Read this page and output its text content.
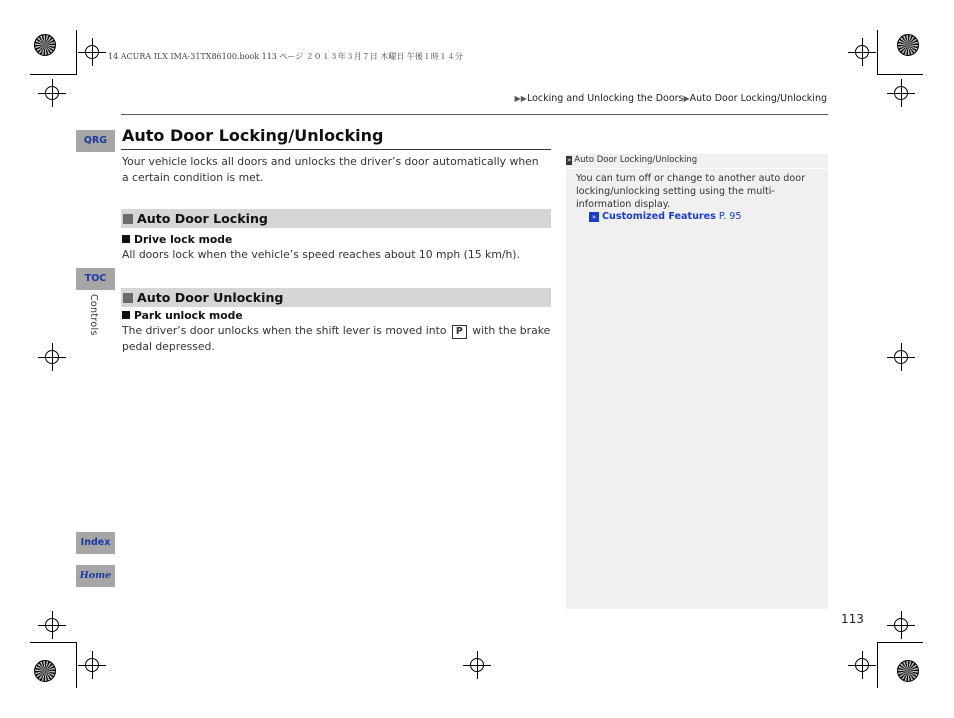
14 ACURA ILX IMA-31TX86100.book 113 ページ ２０１３年３月７日 木曜日 午後１時１４分
▶▶Locking and Unlocking the Doors▶Auto Door Locking/Unlocking
Auto Door Locking/Unlocking
Your vehicle locks all doors and unlocks the driver’s door automatically when a certain condition is met.
Auto Door Locking
Drive lock mode
All doors lock when the vehicle’s speed reaches about 10 mph (15 km/h).
Auto Door Unlocking
Park unlock mode
The driver’s door unlocks when the shift lever is moved into P with the brake pedal depressed.
» Auto Door Locking/Unlocking
You can turn off or change to another auto door locking/unlocking setting using the multi-information display.
» Customized Features P. 95
QRG
TOC
Controls
Index
Home
113
